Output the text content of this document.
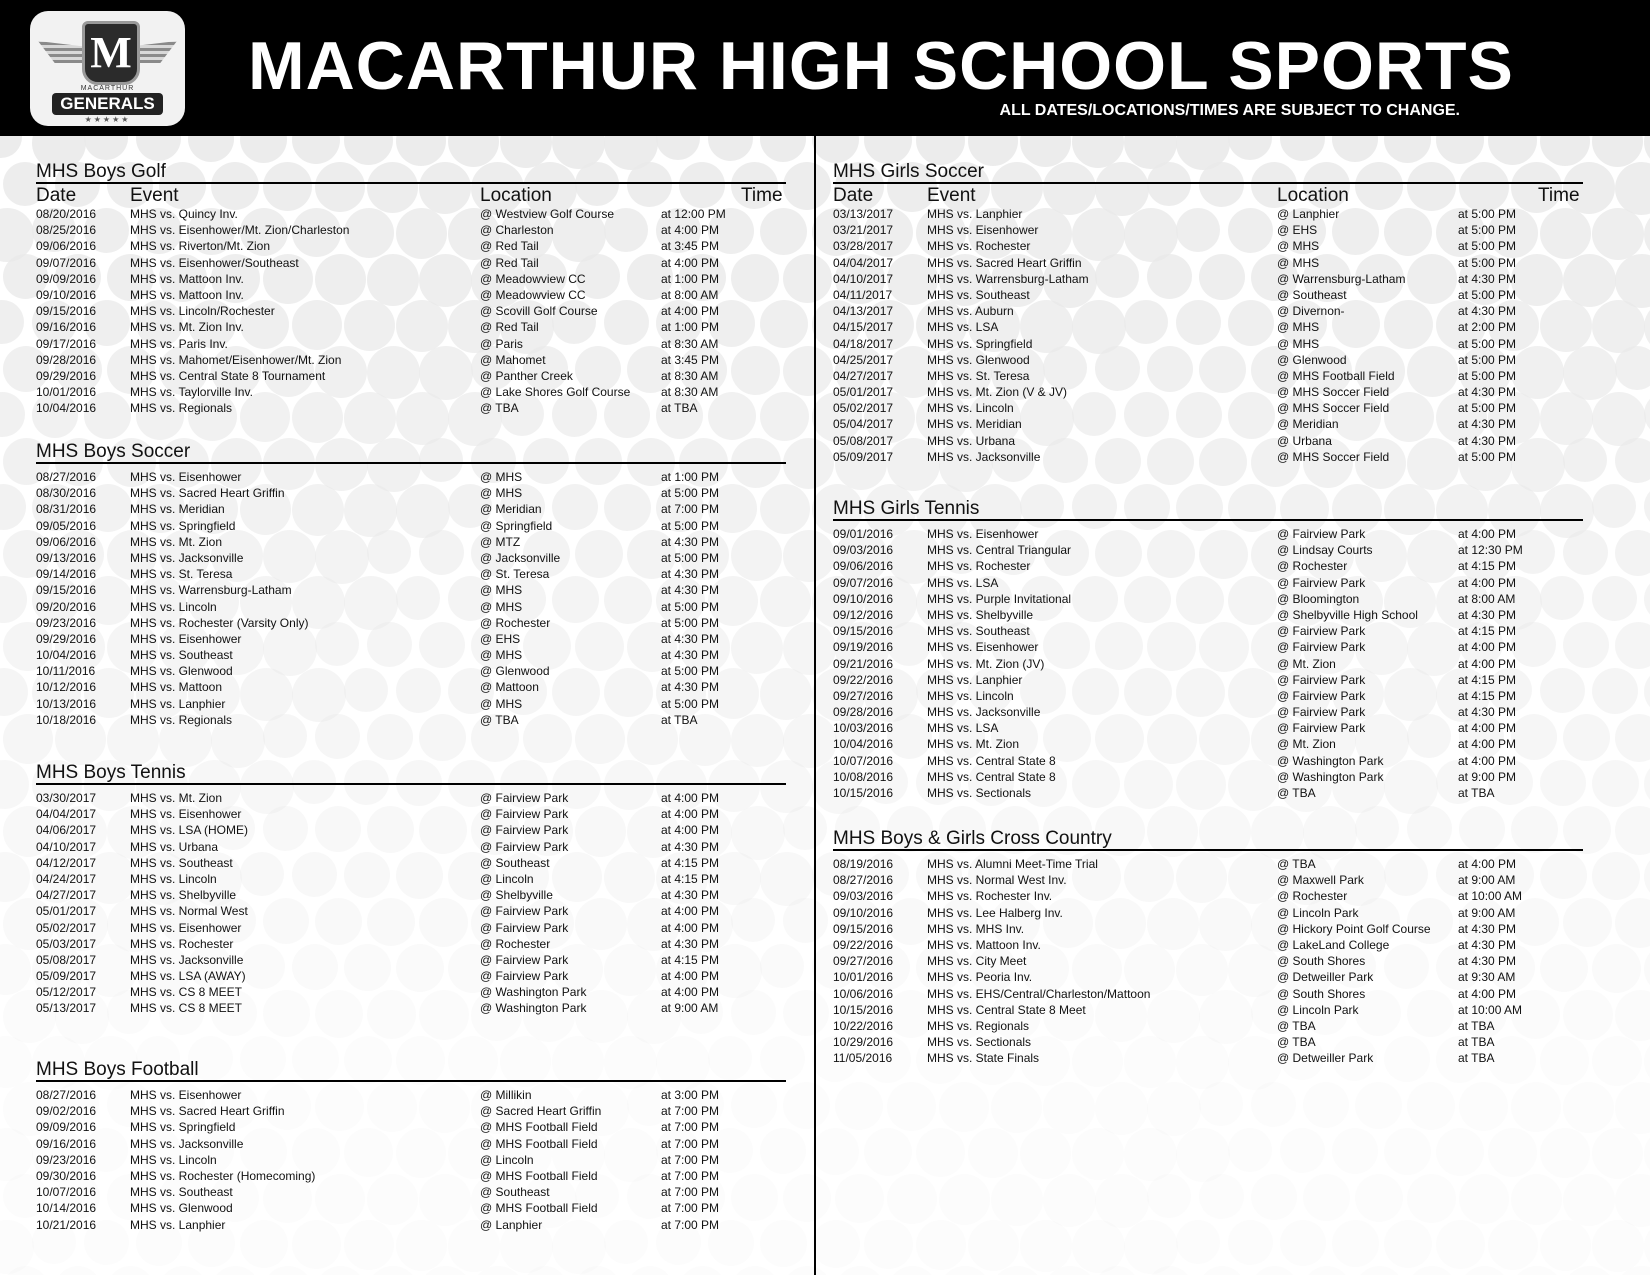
M
MACARTHUR
GENERALS
★★★★★
MACARTHUR HIGH SCHOOL SPORTS
ALL DATES/LOCATIONS/TIMES ARE SUBJECT TO CHANGE.
MHS Boys Golf
Date	Event	Location	Time
08/20/2016	MHS vs. Quincy Inv.	@ Westview Golf Course	at 12:00 PM
08/25/2016	MHS vs. Eisenhower/Mt. Zion/Charleston	@ Charleston	at 4:00 PM
09/06/2016	MHS vs. Riverton/Mt. Zion	@ Red Tail	at 3:45 PM
09/07/2016	MHS vs. Eisenhower/Southeast	@ Red Tail	at 4:00 PM
09/09/2016	MHS vs. Mattoon Inv.	@ Meadowview CC	at 1:00 PM
09/10/2016	MHS vs. Mattoon Inv.	@ Meadowview CC	at 8:00 AM
09/15/2016	MHS vs. Lincoln/Rochester	@ Scovill Golf Course	at 4:00 PM
09/16/2016	MHS vs. Mt. Zion Inv.	@ Red Tail	at 1:00 PM
09/17/2016	MHS vs. Paris Inv.	@ Paris	at 8:30 AM
09/28/2016	MHS vs. Mahomet/Eisenhower/Mt. Zion	@ Mahomet	at 3:45 PM
09/29/2016	MHS vs. Central State 8 Tournament	@ Panther Creek	at 8:30 AM
10/01/2016	MHS vs. Taylorville Inv.	@ Lake Shores Golf Course	at 8:30 AM
10/04/2016	MHS vs. Regionals	@ TBA	at TBA
MHS Boys Soccer
08/27/2016	MHS vs. Eisenhower	@ MHS	at 1:00 PM
08/30/2016	MHS vs. Sacred Heart Griffin	@ MHS	at 5:00 PM
08/31/2016	MHS vs. Meridian	@ Meridian	at 7:00 PM
09/05/2016	MHS vs. Springfield	@ Springfield	at 5:00 PM
09/06/2016	MHS vs. Mt. Zion	@ MTZ	at 4:30 PM
09/13/2016	MHS vs. Jacksonville	@ Jacksonville	at 5:00 PM
09/14/2016	MHS vs. St. Teresa	@ St. Teresa	at 4:30 PM
09/15/2016	MHS vs. Warrensburg-Latham	@ MHS	at 4:30 PM
09/20/2016	MHS vs. Lincoln	@ MHS	at 5:00 PM
09/23/2016	MHS vs. Rochester (Varsity Only)	@ Rochester	at 5:00 PM
09/29/2016	MHS vs. Eisenhower	@ EHS	at 4:30 PM
10/04/2016	MHS vs. Southeast	@ MHS	at 4:30 PM
10/11/2016	MHS vs. Glenwood	@ Glenwood	at 5:00 PM
10/12/2016	MHS vs. Mattoon	@ Mattoon	at 4:30 PM
10/13/2016	MHS vs. Lanphier	@ MHS	at 5:00 PM
10/18/2016	MHS vs. Regionals	@ TBA	at TBA
MHS Boys Tennis
03/30/2017	MHS vs. Mt. Zion	@ Fairview Park	at 4:00 PM
04/04/2017	MHS vs. Eisenhower	@ Fairview Park	at 4:00 PM
04/06/2017	MHS vs. LSA (HOME)	@ Fairview Park	at 4:00 PM
04/10/2017	MHS vs. Urbana	@ Fairview Park	at 4:30 PM
04/12/2017	MHS vs. Southeast	@ Southeast	at 4:15 PM
04/24/2017	MHS vs. Lincoln	@ Lincoln	at 4:15 PM
04/27/2017	MHS vs. Shelbyville	@ Shelbyville	at 4:30 PM
05/01/2017	MHS vs. Normal West	@ Fairview Park	at 4:00 PM
05/02/2017	MHS vs. Eisenhower	@ Fairview Park	at 4:00 PM
05/03/2017	MHS vs. Rochester	@ Rochester	at 4:30 PM
05/08/2017	MHS vs. Jacksonville	@ Fairview Park	at 4:15 PM
05/09/2017	MHS vs. LSA (AWAY)	@ Fairview Park	at 4:00 PM
05/12/2017	MHS vs. CS 8 MEET	@ Washington Park	at 4:00 PM
05/13/2017	MHS vs. CS 8 MEET	@ Washington Park	at 9:00 AM
MHS Boys Football
08/27/2016	MHS vs. Eisenhower	@ Millikin	at 3:00 PM
09/02/2016	MHS vs. Sacred Heart Griffin	@ Sacred Heart Griffin	at 7:00 PM
09/09/2016	MHS vs. Springfield	@ MHS Football Field	at 7:00 PM
09/16/2016	MHS vs. Jacksonville	@ MHS Football Field	at 7:00 PM
09/23/2016	MHS vs. Lincoln	@ Lincoln	at 7:00 PM
09/30/2016	MHS vs. Rochester (Homecoming)	@ MHS Football Field	at 7:00 PM
10/07/2016	MHS vs. Southeast	@ Southeast	at 7:00 PM
10/14/2016	MHS vs. Glenwood	@ MHS Football Field	at 7:00 PM
10/21/2016	MHS vs. Lanphier	@ Lanphier	at 7:00 PM
MHS Girls Soccer
Date	Event	Location	Time
03/13/2017	MHS vs. Lanphier	@ Lanphier	at 5:00 PM
03/21/2017	MHS vs. Eisenhower	@ EHS	at 5:00 PM
03/28/2017	MHS vs. Rochester	@ MHS	at 5:00 PM
04/04/2017	MHS vs. Sacred Heart Griffin	@ MHS	at 5:00 PM
04/10/2017	MHS vs. Warrensburg-Latham	@ Warrensburg-Latham	at 4:30 PM
04/11/2017	MHS vs. Southeast	@ Southeast	at 5:00 PM
04/13/2017	MHS vs. Auburn	@ Divernon-	at 4:30 PM
04/15/2017	MHS vs. LSA	@ MHS	at 2:00 PM
04/18/2017	MHS vs. Springfield	@ MHS	at 5:00 PM
04/25/2017	MHS vs. Glenwood	@ Glenwood	at 5:00 PM
04/27/2017	MHS vs. St. Teresa	@ MHS Football Field	at 5:00 PM
05/01/2017	MHS vs. Mt. Zion (V & JV)	@ MHS Soccer Field	at 4:30 PM
05/02/2017	MHS vs. Lincoln	@ MHS Soccer Field	at 5:00 PM
05/04/2017	MHS vs. Meridian	@ Meridian	at 4:30 PM
05/08/2017	MHS vs. Urbana	@ Urbana	at 4:30 PM
05/09/2017	MHS vs. Jacksonville	@ MHS Soccer Field	at 5:00 PM
MHS Girls Tennis
09/01/2016	MHS vs. Eisenhower	@ Fairview Park	at 4:00 PM
09/03/2016	MHS vs. Central Triangular	@ Lindsay Courts	at 12:30 PM
09/06/2016	MHS vs. Rochester	@ Rochester	at 4:15 PM
09/07/2016	MHS vs. LSA	@ Fairview Park	at 4:00 PM
09/10/2016	MHS vs. Purple Invitational	@ Bloomington	at 8:00 AM
09/12/2016	MHS vs. Shelbyville	@ Shelbyville High School	at 4:30 PM
09/15/2016	MHS vs. Southeast	@ Fairview Park	at 4:15 PM
09/19/2016	MHS vs. Eisenhower	@ Fairview Park	at 4:00 PM
09/21/2016	MHS vs. Mt. Zion (JV)	@ Mt. Zion	at 4:00 PM
09/22/2016	MHS vs. Lanphier	@ Fairview Park	at 4:15 PM
09/27/2016	MHS vs. Lincoln	@ Fairview Park	at 4:15 PM
09/28/2016	MHS vs. Jacksonville	@ Fairview Park	at 4:30 PM
10/03/2016	MHS vs. LSA	@ Fairview Park	at 4:00 PM
10/04/2016	MHS vs. Mt. Zion	@ Mt. Zion	at 4:00 PM
10/07/2016	MHS vs. Central State 8	@ Washington Park	at 4:00 PM
10/08/2016	MHS vs. Central State 8	@ Washington Park	at 9:00 PM
10/15/2016	MHS vs. Sectionals	@ TBA	at TBA
MHS Boys & Girls Cross Country
08/19/2016	MHS vs. Alumni Meet-Time Trial	@ TBA	at 4:00 PM
08/27/2016	MHS vs. Normal West Inv.	@ Maxwell Park	at 9:00 AM
09/03/2016	MHS vs. Rochester Inv.	@ Rochester	at 10:00 AM
09/10/2016	MHS vs. Lee Halberg Inv.	@ Lincoln Park	at 9:00 AM
09/15/2016	MHS vs. MHS Inv.	@ Hickory Point Golf Course at 4:30 PM
09/22/2016	MHS vs. Mattoon Inv.	@ LakeLand College	at 4:30 PM
09/27/2016	MHS vs. City Meet	@ South Shores	at 4:30 PM
10/01/2016	MHS vs. Peoria Inv.	@ Detweiller Park	at 9:30 AM
10/06/2016	MHS vs. EHS/Central/Charleston/Mattoon	@ South Shores	at 4:00 PM
10/15/2016	MHS vs. Central State 8 Meet	@ Lincoln Park	at 10:00 AM
10/22/2016	MHS vs. Regionals	@ TBA	at TBA
10/29/2016	MHS vs. Sectionals	@ TBA	at TBA
11/05/2016	MHS vs. State Finals	@ Detweiller Park	at TBA
